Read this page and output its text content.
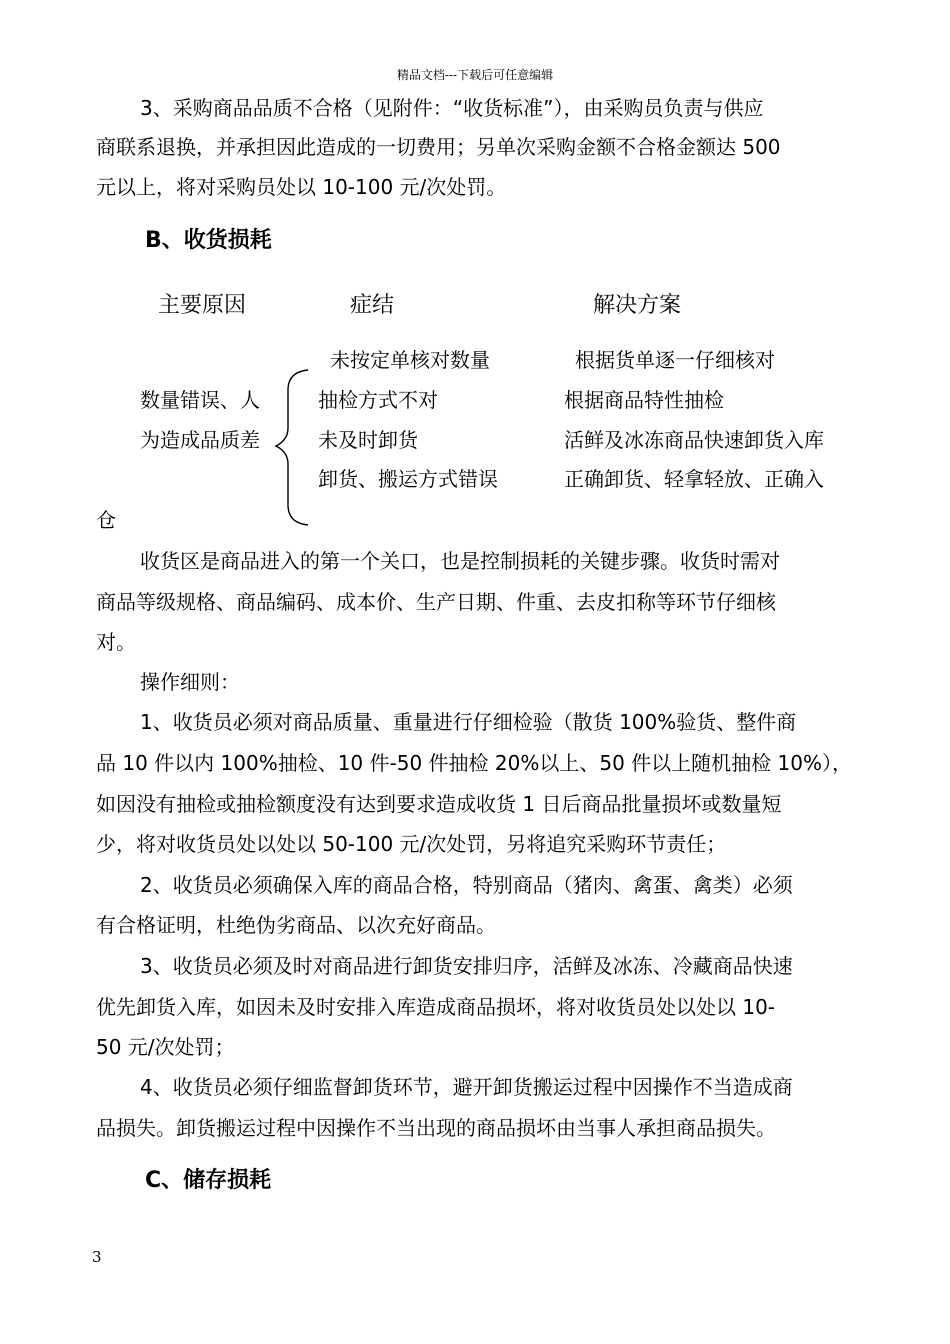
精品文档---下载后可任意编辑
3、采购商品品质不合格（见附件：“收货标准”），由采购员负责与供应
商联系退换，并承担因此造成的一切费用；另单次采购金额不合格金额达 500
元以上，将对采购员处以 10-100 元/次处罚。
B、收货损耗
主要原因	症结	解决方案
数量错误、人
为造成品质差
未按定单核对数量
抽检方式不对
未及时卸货
卸货、搬运方式错误
根据货单逐一仔细核对
根据商品特性抽检
活鲜及冰冻商品快速卸货入库
正确卸货、轻拿轻放、正确入
仓
收货区是商品进入的第一个关口，也是控制损耗的关键步骤。收货时需对
商品等级规格、商品编码、成本价、生产日期、件重、去皮扣称等环节仔细核
对。
操作细则：
1、收货员必须对商品质量、重量进行仔细检验（散货 100%验货、整件商
品 10 件以内 100%抽检、10 件-50 件抽检 20%以上、50 件以上随机抽检 10%），
如因没有抽检或抽检额度没有达到要求造成收货 1 日后商品批量损坏或数量短
少，将对收货员处以处以 50-100 元/次处罚，另将追究采购环节责任；
2、收货员必须确保入库的商品合格，特别商品（猪肉、禽蛋、禽类）必须
有合格证明，杜绝伪劣商品、以次充好商品。
3、收货员必须及时对商品进行卸货安排归序，活鲜及冰冻、冷藏商品快速
优先卸货入库，如因未及时安排入库造成商品损坏，将对收货员处以处以 10-
50 元/次处罚；
4、收货员必须仔细监督卸货环节，避开卸货搬运过程中因操作不当造成商
品损失。卸货搬运过程中因操作不当出现的商品损坏由当事人承担商品损失。
C、储存损耗
3
